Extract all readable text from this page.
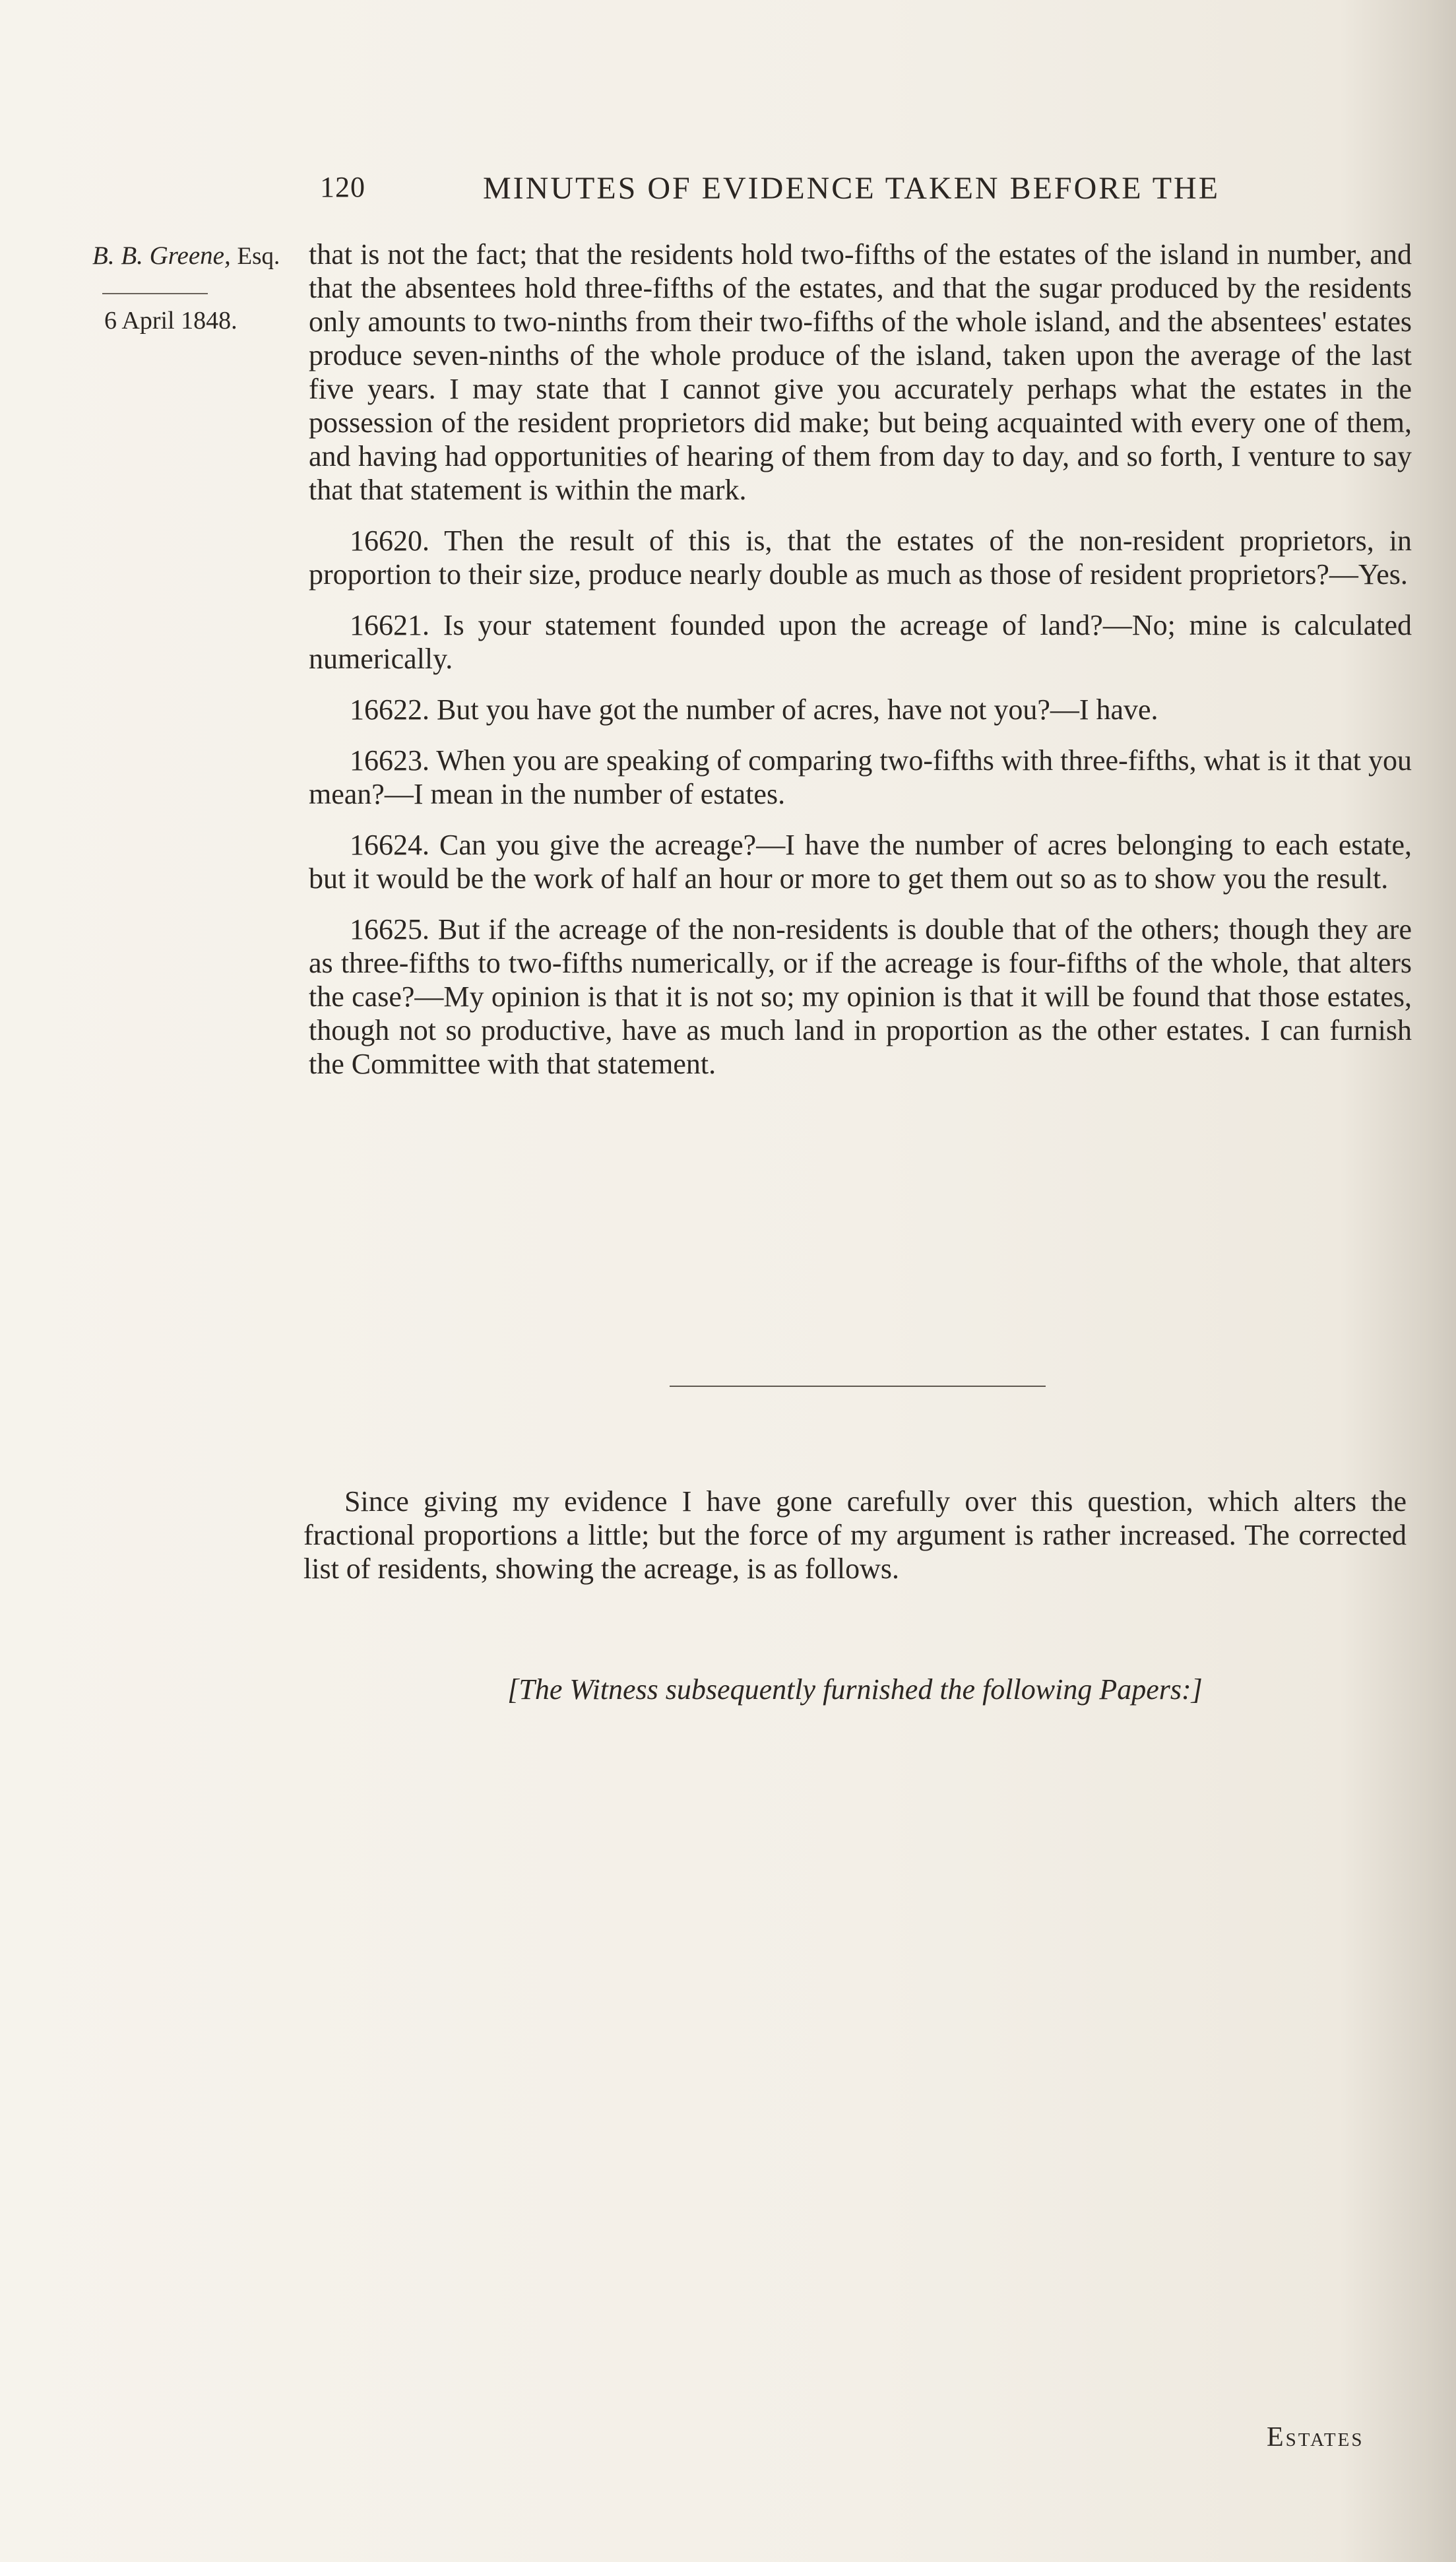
120	MINUTES OF EVIDENCE TAKEN BEFORE THE
B. B. Greene, Esq.
6 April 1848.

that is not the fact; that the residents hold two-fifths of the estates of the island in number, and that the absentees hold three-fifths of the estates, and that the sugar produced by the residents only amounts to two-ninths from their two-fifths of the whole island, and the absentees' estates produce seven-ninths of the whole produce of the island, taken upon the average of the last five years. I may state that I cannot give you accurately perhaps what the estates in the possession of the resident proprietors did make; but being acquainted with every one of them, and having had opportunities of hearing of them from day to day, and so forth, I venture to say that that statement is within the mark.

16620. Then the result of this is, that the estates of the non-resident proprietors, in proportion to their size, produce nearly double as much as those of resident proprietors?—Yes.

16621. Is your statement founded upon the acreage of land?—No; mine is calculated numerically.

16622. But you have got the number of acres, have not you?—I have.

16623. When you are speaking of comparing two-fifths with three-fifths, what is it that you mean?—I mean in the number of estates.

16624. Can you give the acreage?—I have the number of acres belonging to each estate, but it would be the work of half an hour or more to get them out so as to show you the result.

16625. But if the acreage of the non-residents is double that of the others; though they are as three-fifths to two-fifths numerically, or if the acreage is four-fifths of the whole, that alters the case?—My opinion is that it is not so; my opinion is that it will be found that those estates, though not so productive, have as much land in proportion as the other estates. I can furnish the Committee with that statement.

Since giving my evidence I have gone carefully over this question, which alters the fractional proportions a little; but the force of my argument is rather increased. The corrected list of residents, showing the acreage, is as follows.
[The Witness subsequently furnished the following Papers:]
Estates
